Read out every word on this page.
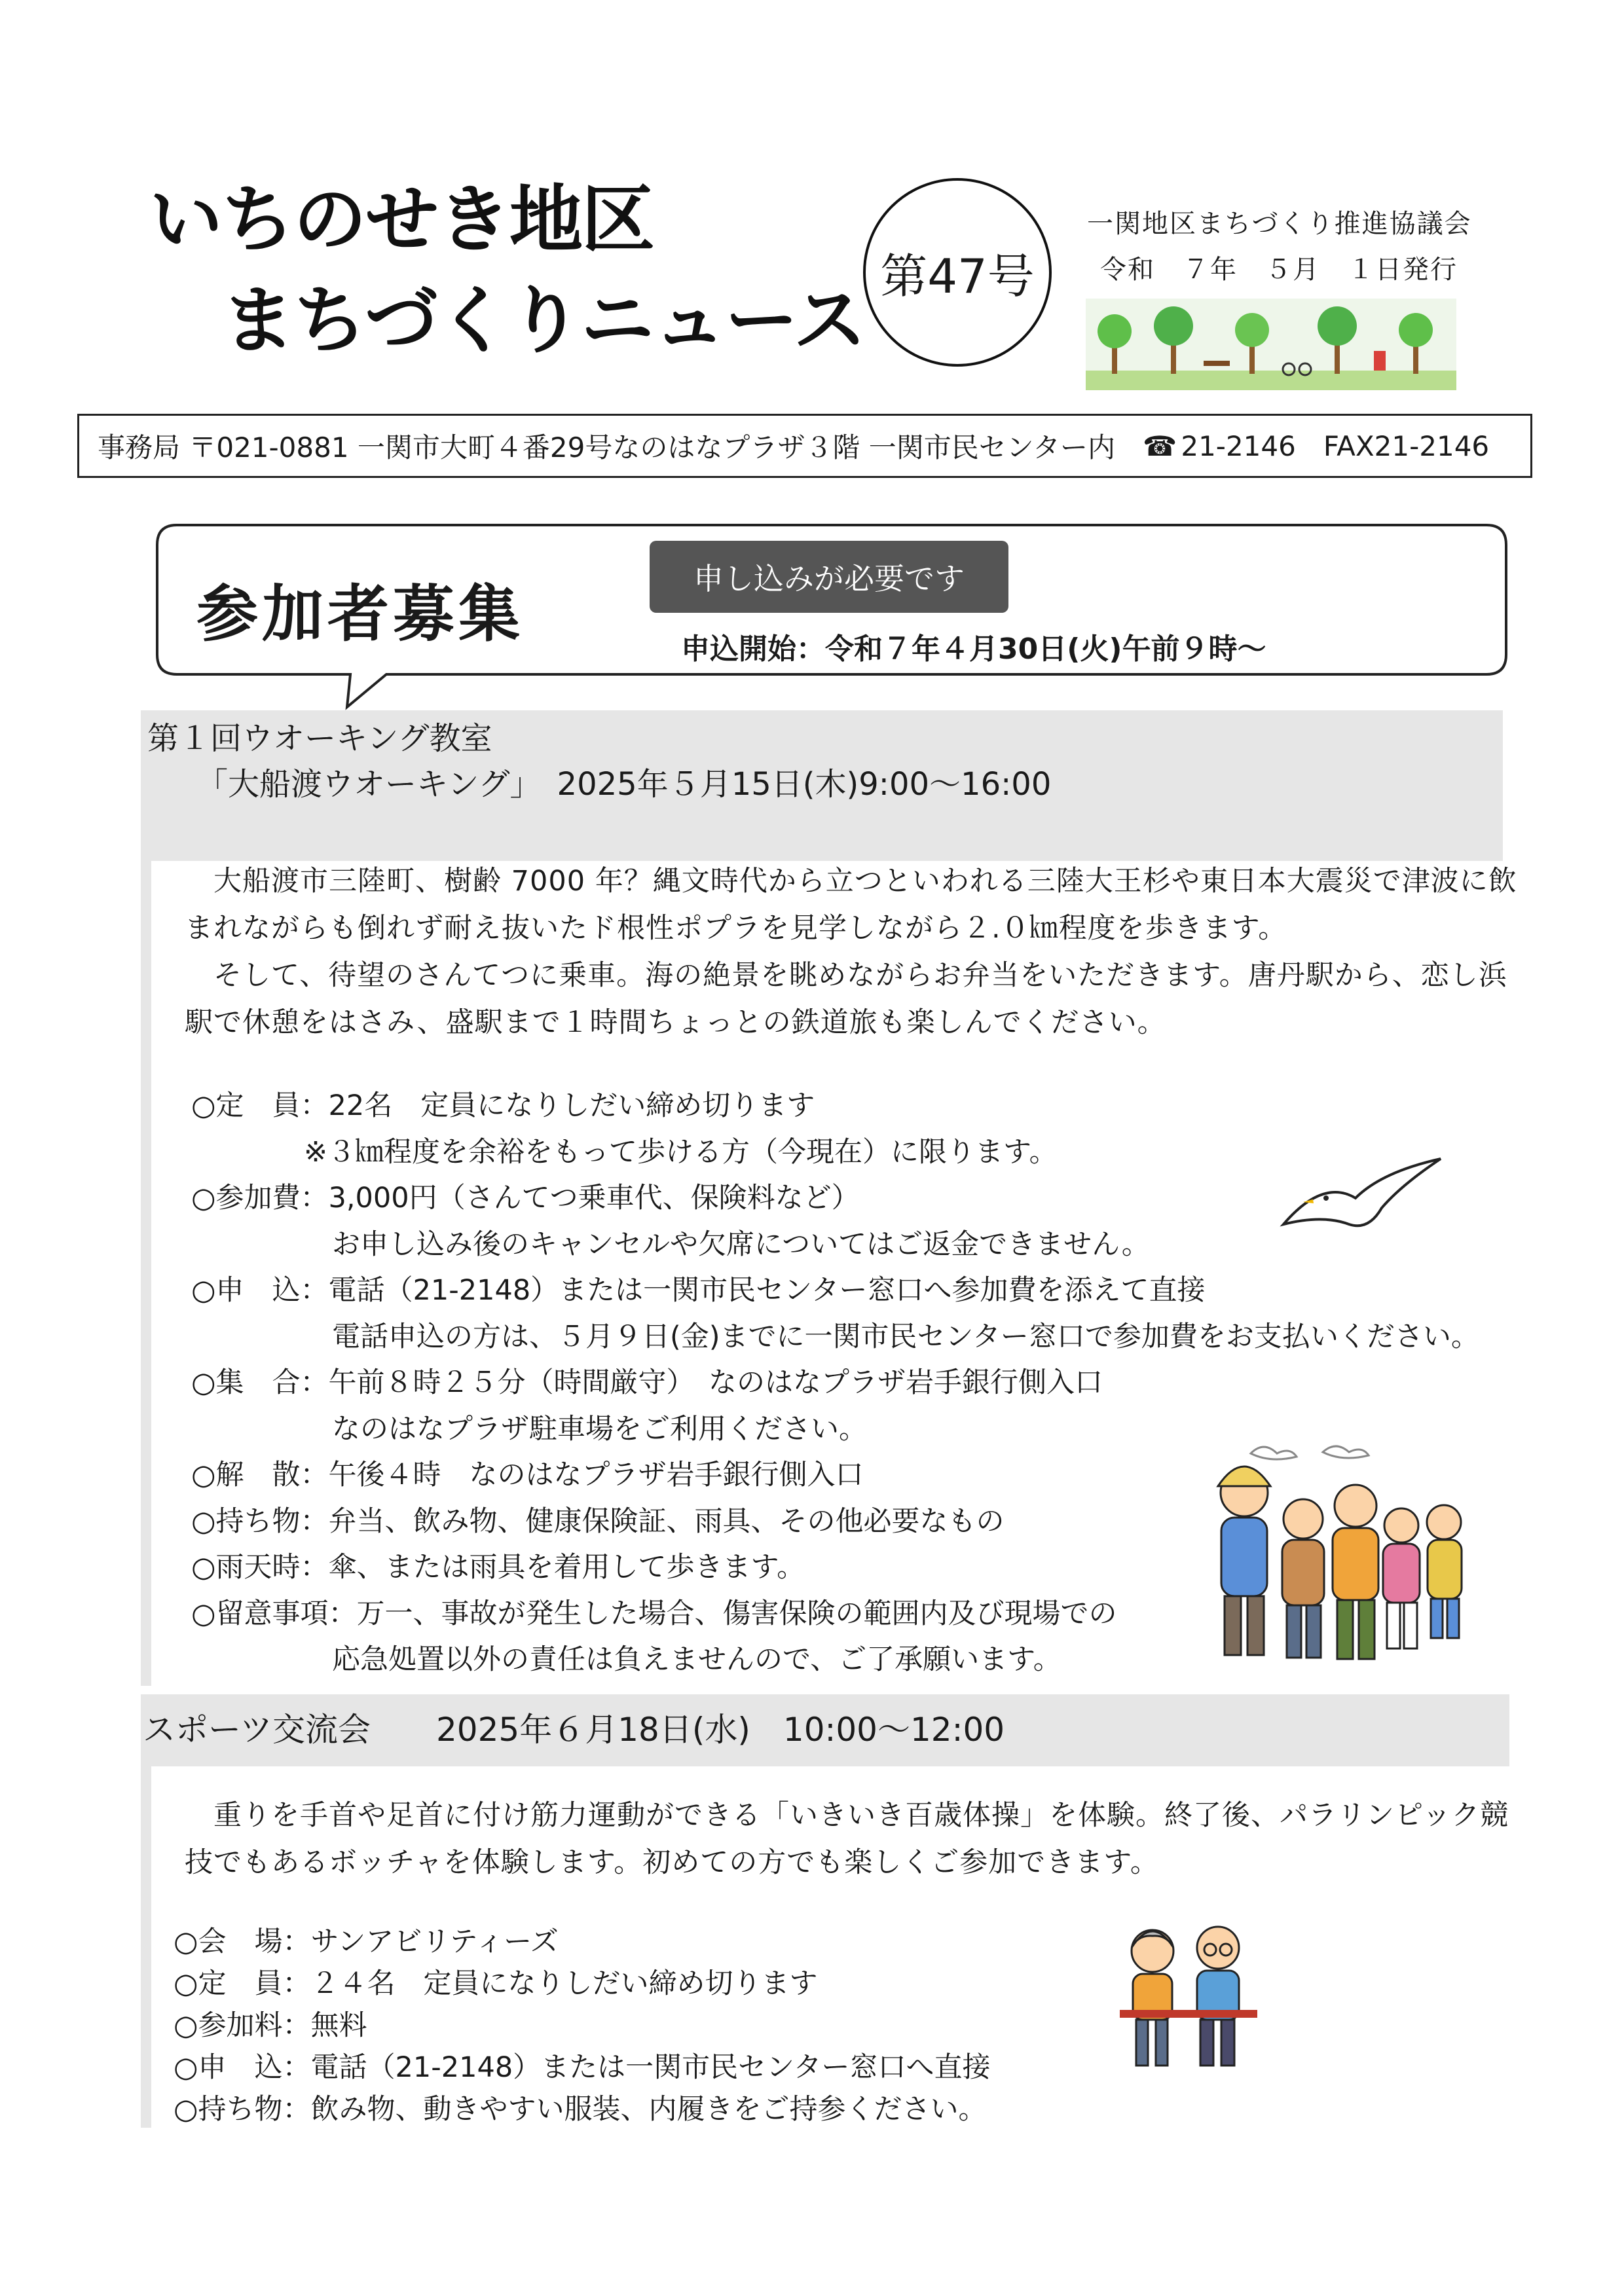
いちのせき地区
まちづくりニュース
第47号
一関地区まちづくり推進協議会
令和　７年　５月　１日発行
事務局 〒021-0881 一関市大町４番29号なのはなプラザ３階 一関市民センター内 ☎ 21-2146 FAX21-2146
参加者募集	申し込みが必要です
申込開始：令和７年４月30日(火)午前９時～
第１回ウオーキング教室
「大船渡ウオーキング」　2025年５月15日(木)9:00～16:00
　大船渡市三陸町、樹齢 7000 年？縄文時代から立つといわれる三陸大王杉や東日本大震災で津波に飲
まれながらも倒れず耐え抜いたド根性ポプラを見学しながら２.０㎞程度を歩きます。
　そして、待望のさんてつに乗車。海の絶景を眺めながらお弁当をいただきます。唐丹駅から、恋し浜
駅で休憩をはさみ、盛駅まで１時間ちょっとの鉄道旅も楽しんでください。
○定　員：22名　定員になりしだい締め切ります
　　　　※３㎞程度を余裕をもって歩ける方（今現在）に限ります。
○参加費：3,000円（さんてつ乗車代、保険料など）
　　　　　お申し込み後のキャンセルや欠席についてはご返金できません。
○申　込：電話（21-2148）または一関市民センター窓口へ参加費を添えて直接
　　　　　電話申込の方は、５月９日(金)までに一関市民センター窓口で参加費をお支払いください。
○集　合：午前８時２５分（時間厳守）　なのはなプラザ岩手銀行側入口
　　　　　なのはなプラザ駐車場をご利用ください。
○解　散：午後４時　なのはなプラザ岩手銀行側入口
○持ち物：弁当、飲み物、健康保険証、雨具、その他必要なもの
○雨天時：傘、または雨具を着用して歩きます。
○留意事項：万一、事故が発生した場合、傷害保険の範囲内及び現場での
　　　　　応急処置以外の責任は負えませんので、ご了承願います。
スポーツ交流会　　2025年６月18日(水)　10:00～12:00
　重りを手首や足首に付け筋力運動ができる「いきいき百歳体操」を体験。終了後、パラリンピック競
技でもあるボッチャを体験します。初めての方でも楽しくご参加できます。
○会　場：サンアビリティーズ
○定　員：２４名　定員になりしだい締め切ります
○参加料：無料
○申　込：電話（21-2148）または一関市民センター窓口へ直接
○持ち物：飲み物、動きやすい服装、内履きをご持参ください。
